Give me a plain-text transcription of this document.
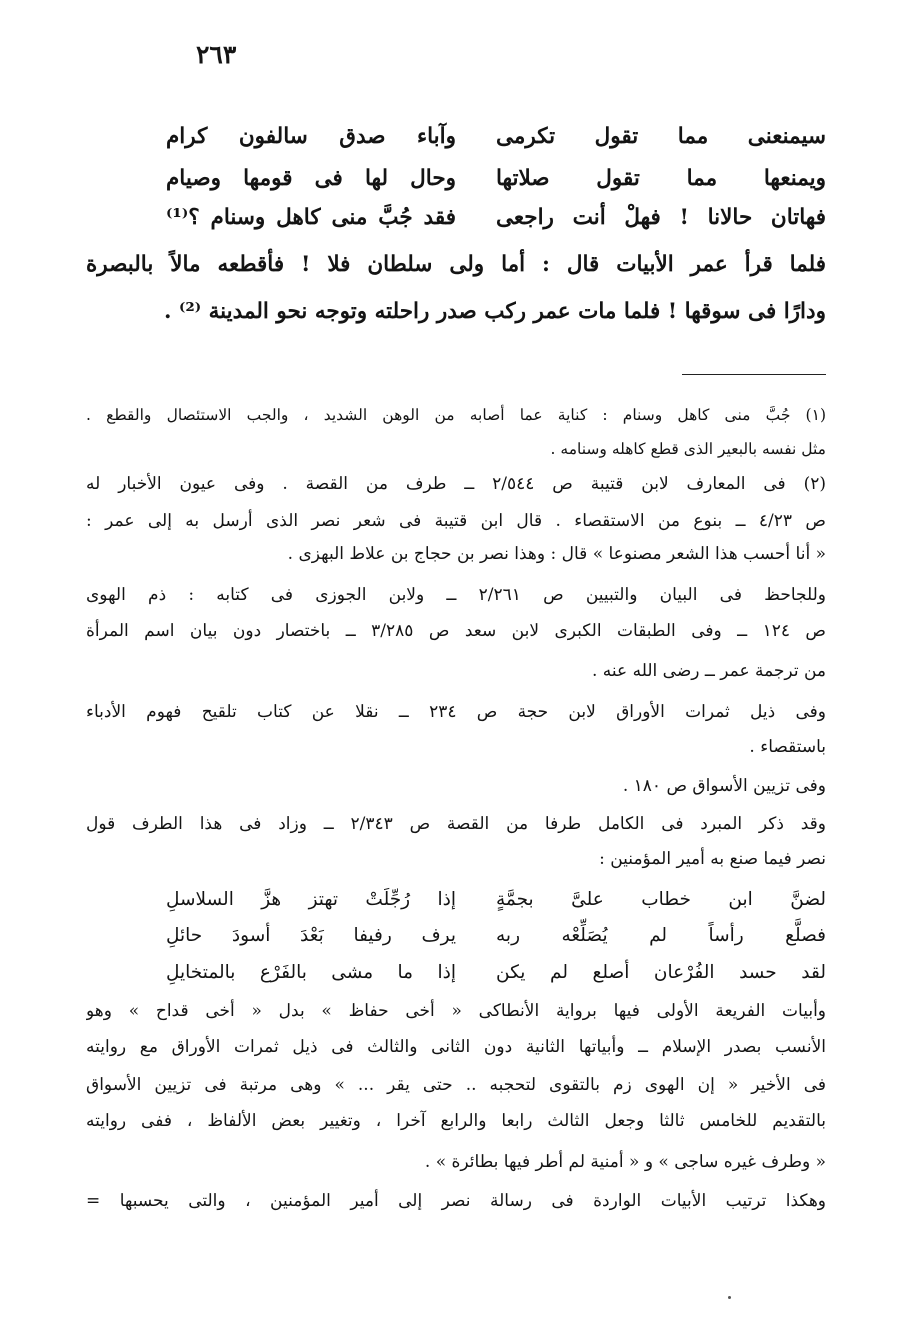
٢٦٣
سيمنعنى مما تقول تكرمى
وآباء صدق سالفون كرام
ويمنعها مما تقول صلاتها
وحال لها فى قومها وصيام
فهاتان حالانا ! فهلْ أنت راجعى
فقد جُبَّ منى كاهل وسنام ؟⁽¹⁾
فلما قرأ عمر الأبيات قال : أما ولى سلطان فلا ! فأقطعه مالاً بالبصرة
ودارًا فى سوقها ! فلما مات عمر ركب صدر راحلته وتوجه نحو المدينة ⁽²⁾ .
(١) جُبَّ منى كاهل وسنام : كناية عما أصابه من الوهن الشديد ، والجب الاستئصال والقطع .
مثل نفسه بالبعير الذى قطع كاهله وسنامه .
(٢) فى المعارف لابن قتيبة ص ٢/٥٤٤ ــ طرف من القصة . وفى عيون الأخبار له
ص ٤/٢٣ ــ بنوع من الاستقصاء . قال ابن قتيبة فى شعر نصر الذى أرسل به إلى عمر :
« أنا أحسب هذا الشعر مصنوعا » قال : وهذا نصر بن حجاج بن علاط البهزى .
وللجاحظ فى البيان والتبيين ص ٢/٢٦١ ــ ولابن الجوزى فى كتابه : ذم الهوى
ص ١٢٤ ــ وفى الطبقات الكبرى لابن سعد ص ٣/٢٨٥ ــ باختصار دون بيان اسم المرأة
من ترجمة عمر ــ رضى الله عنه .
وفى ذيل ثمرات الأوراق لابن حجة ص ٢٣٤ ــ نقلا عن كتاب تلقيح فهوم الأدباء
باستقصاء .
وفى تزيين الأسواق ص ١٨٠ .
وقد ذكر المبرد فى الكامل طرفا من القصة ص ٢/٣٤٣ ــ وزاد فى هذا الطرف قول
نصر فيما صنع به أمير المؤمنين :
لضنَّ ابن خطاب علىَّ بجمَّةٍ
إذا رُجِّلَتْ تهتز هزَّ السلاسلِ
فصلَّع رأساً لم يُصَلِّعْه ربه
يرف رفيفا بَعْدَ أسودَ حائلِ
لقد حسد الفُرْعان أصلع لم يكن
إذا ما مشى بالفَرْع بالمتخايلِ
وأبيات الفريعة الأولى فيها برواية الأنطاكى « أخى حفاظ » بدل « أخى قداح » وهو
الأنسب بصدر الإسلام ــ وأبياتها الثانية دون الثانى والثالث فى ذيل ثمرات الأوراق مع روايته
فى الأخير « إن الهوى زم بالتقوى لتحجبه .. حتى يقر ... » وهى مرتبة فى تزيين الأسواق
بالتقديم للخامس ثالثا وجعل الثالث رابعا والرابع آخرا ، وتغيير بعض الألفاظ ، ففى روايته
« وطرف غيره ساجى » و « أمنية لم أطر فيها بطائرة » .
وهكذا ترتيب الأبيات الواردة فى رسالة نصر إلى أمير المؤمنين ، والتى يحسبها =
